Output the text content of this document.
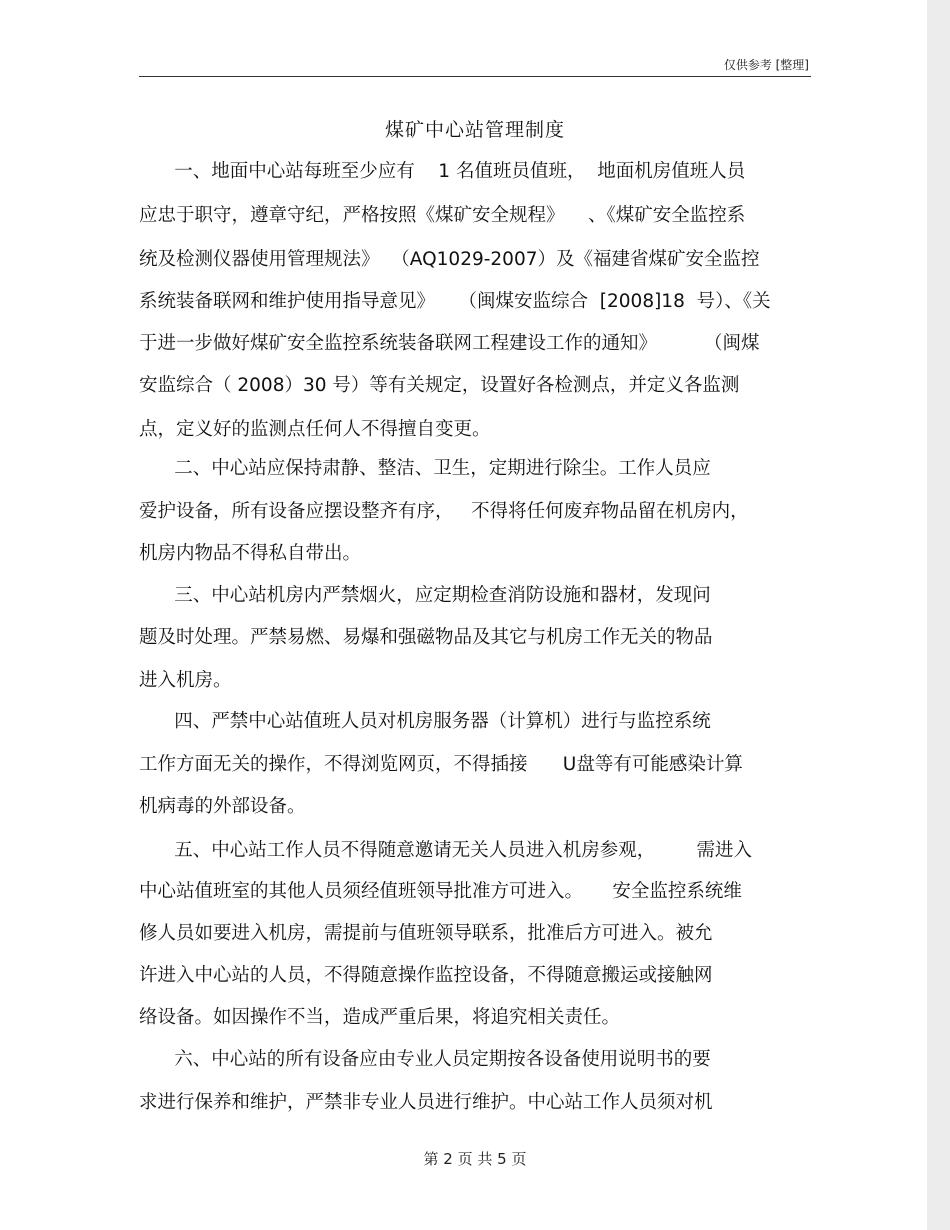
仅供参考 [整理]
煤矿中心站管理制度
一、地面中心站每班至少应有    1 名值班员值班，  地面机房值班人员
应忠于职守，遵章守纪，严格按照《煤矿安全规程》    、《煤矿安全监控系
统及检测仪器使用管理规法》  （AQ1029-2007）及《福建省煤矿安全监控
系统装备联网和维护使用指导意见》    （闽煤安监综合  [2008]18  号）、《关
于进一步做好煤矿安全监控系统装备联网工程建设工作的通知》        （闽煤
安监综合（ 2008）30 号）等有关规定，设置好各检测点，并定义各监测
点，定义好的监测点任何人不得擅自变更。
二、中心站应保持肃静、整洁、卫生，定期进行除尘。工作人员应
爱护设备，所有设备应摆设整齐有序，   不得将任何废弃物品留在机房内，
机房内物品不得私自带出。
三、中心站机房内严禁烟火，应定期检查消防设施和器材，发现问
题及时处理。严禁易燃、易爆和强磁物品及其它与机房工作无关的物品
进入机房。
四、严禁中心站值班人员对机房服务器（计算机）进行与监控系统
工作方面无关的操作，不得浏览网页，不得插接      U盘等有可能感染计算
机病毒的外部设备。
五、中心站工作人员不得随意邀请无关人员进入机房参观，       需进入
中心站值班室的其他人员须经值班领导批准方可进入。     安全监控系统维
修人员如要进入机房，需提前与值班领导联系，批准后方可进入。被允
许进入中心站的人员，不得随意操作监控设备，不得随意搬运或接触网
络设备。如因操作不当，造成严重后果，将追究相关责任。
六、中心站的所有设备应由专业人员定期按各设备使用说明书的要
求进行保养和维护，严禁非专业人员进行维护。中心站工作人员须对机
第 2 页 共 5 页
